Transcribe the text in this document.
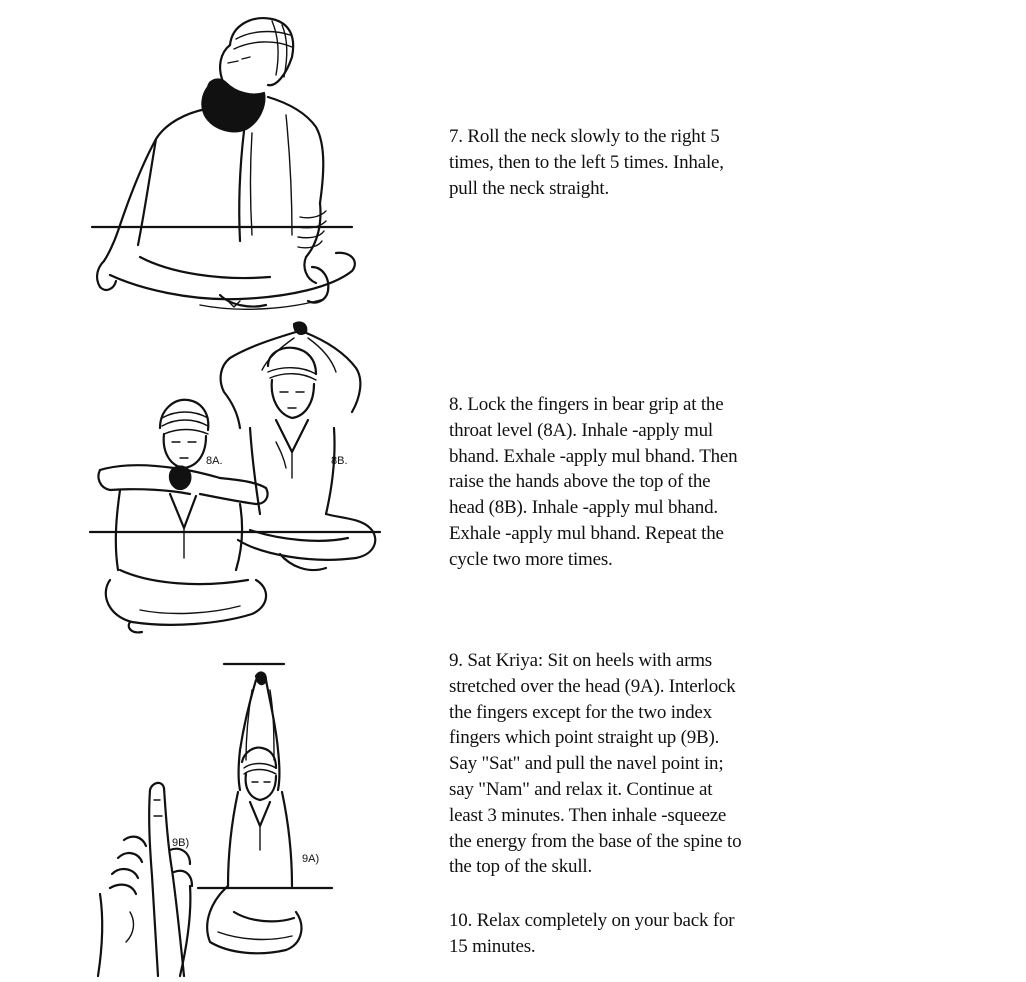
8B.
8A.
9A)
9B)

7. Roll the neck slowly to the right 5
times, then to the left 5 times. Inhale,
pull the neck straight.

8. Lock the fingers in bear grip at the
throat level (8A). Inhale -apply mul
bhand. Exhale -apply mul bhand. Then
raise the hands above the top of the
head (8B). Inhale -apply mul bhand.
Exhale -apply mul bhand. Repeat the
cycle two more times.

9. Sat Kriya: Sit on heels with arms
stretched over the head (9A). Interlock
the fingers except for the two index
fingers which point straight up (9B).
Say "Sat" and pull the navel point in;
say "Nam" and relax it. Continue at
least 3 minutes. Then inhale -squeeze
the energy from the base of the spine to
the top of the skull.

10. Relax completely on your back for
15 minutes.
